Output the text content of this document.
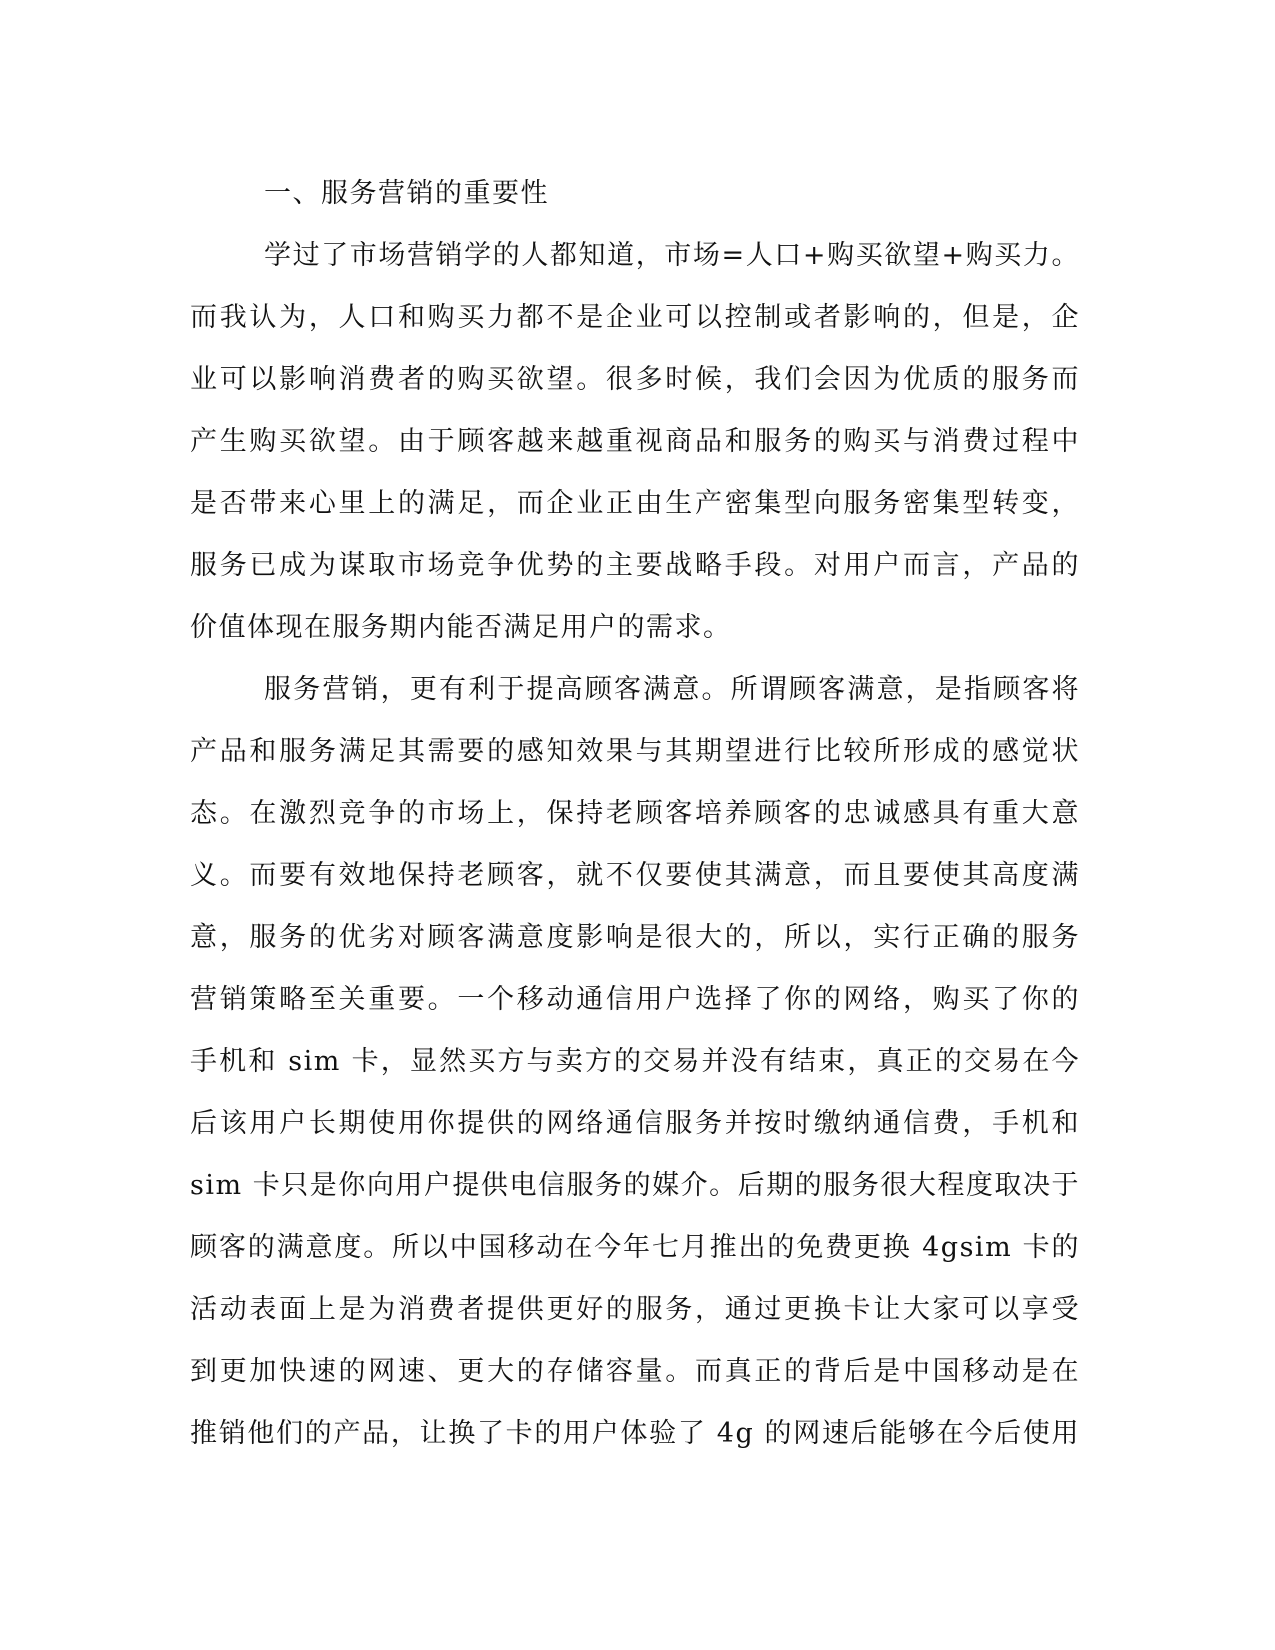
一、服务营销的重要性
学过了市场营销学的人都知道，市场=人口+购买欲望+购买力。
而我认为，人口和购买力都不是企业可以控制或者影响的，但是，企
业可以影响消费者的购买欲望。很多时候，我们会因为优质的服务而
产生购买欲望。由于顾客越来越重视商品和服务的购买与消费过程中
是否带来心里上的满足，而企业正由生产密集型向服务密集型转变，
服务已成为谋取市场竞争优势的主要战略手段。对用户而言，产品的
价值体现在服务期内能否满足用户的需求。
服务营销，更有利于提高顾客满意。所谓顾客满意，是指顾客将
产品和服务满足其需要的感知效果与其期望进行比较所形成的感觉状
态。在激烈竞争的市场上，保持老顾客培养顾客的忠诚感具有重大意
义。而要有效地保持老顾客，就不仅要使其满意，而且要使其高度满
意，服务的优劣对顾客满意度影响是很大的，所以，实行正确的服务
营销策略至关重要。一个移动通信用户选择了你的网络，购买了你的
手机和 sim 卡，显然买方与卖方的交易并没有结束，真正的交易在今
后该用户长期使用你提供的网络通信服务并按时缴纳通信费，手机和
sim 卡只是你向用户提供电信服务的媒介。后期的服务很大程度取决于
顾客的满意度。所以中国移动在今年七月推出的免费更换 4gsim 卡的
活动表面上是为消费者提供更好的服务，通过更换卡让大家可以享受
到更加快速的网速、更大的存储容量。而真正的背后是中国移动是在
推销他们的产品，让换了卡的用户体验了 4g 的网速后能够在今后使用
